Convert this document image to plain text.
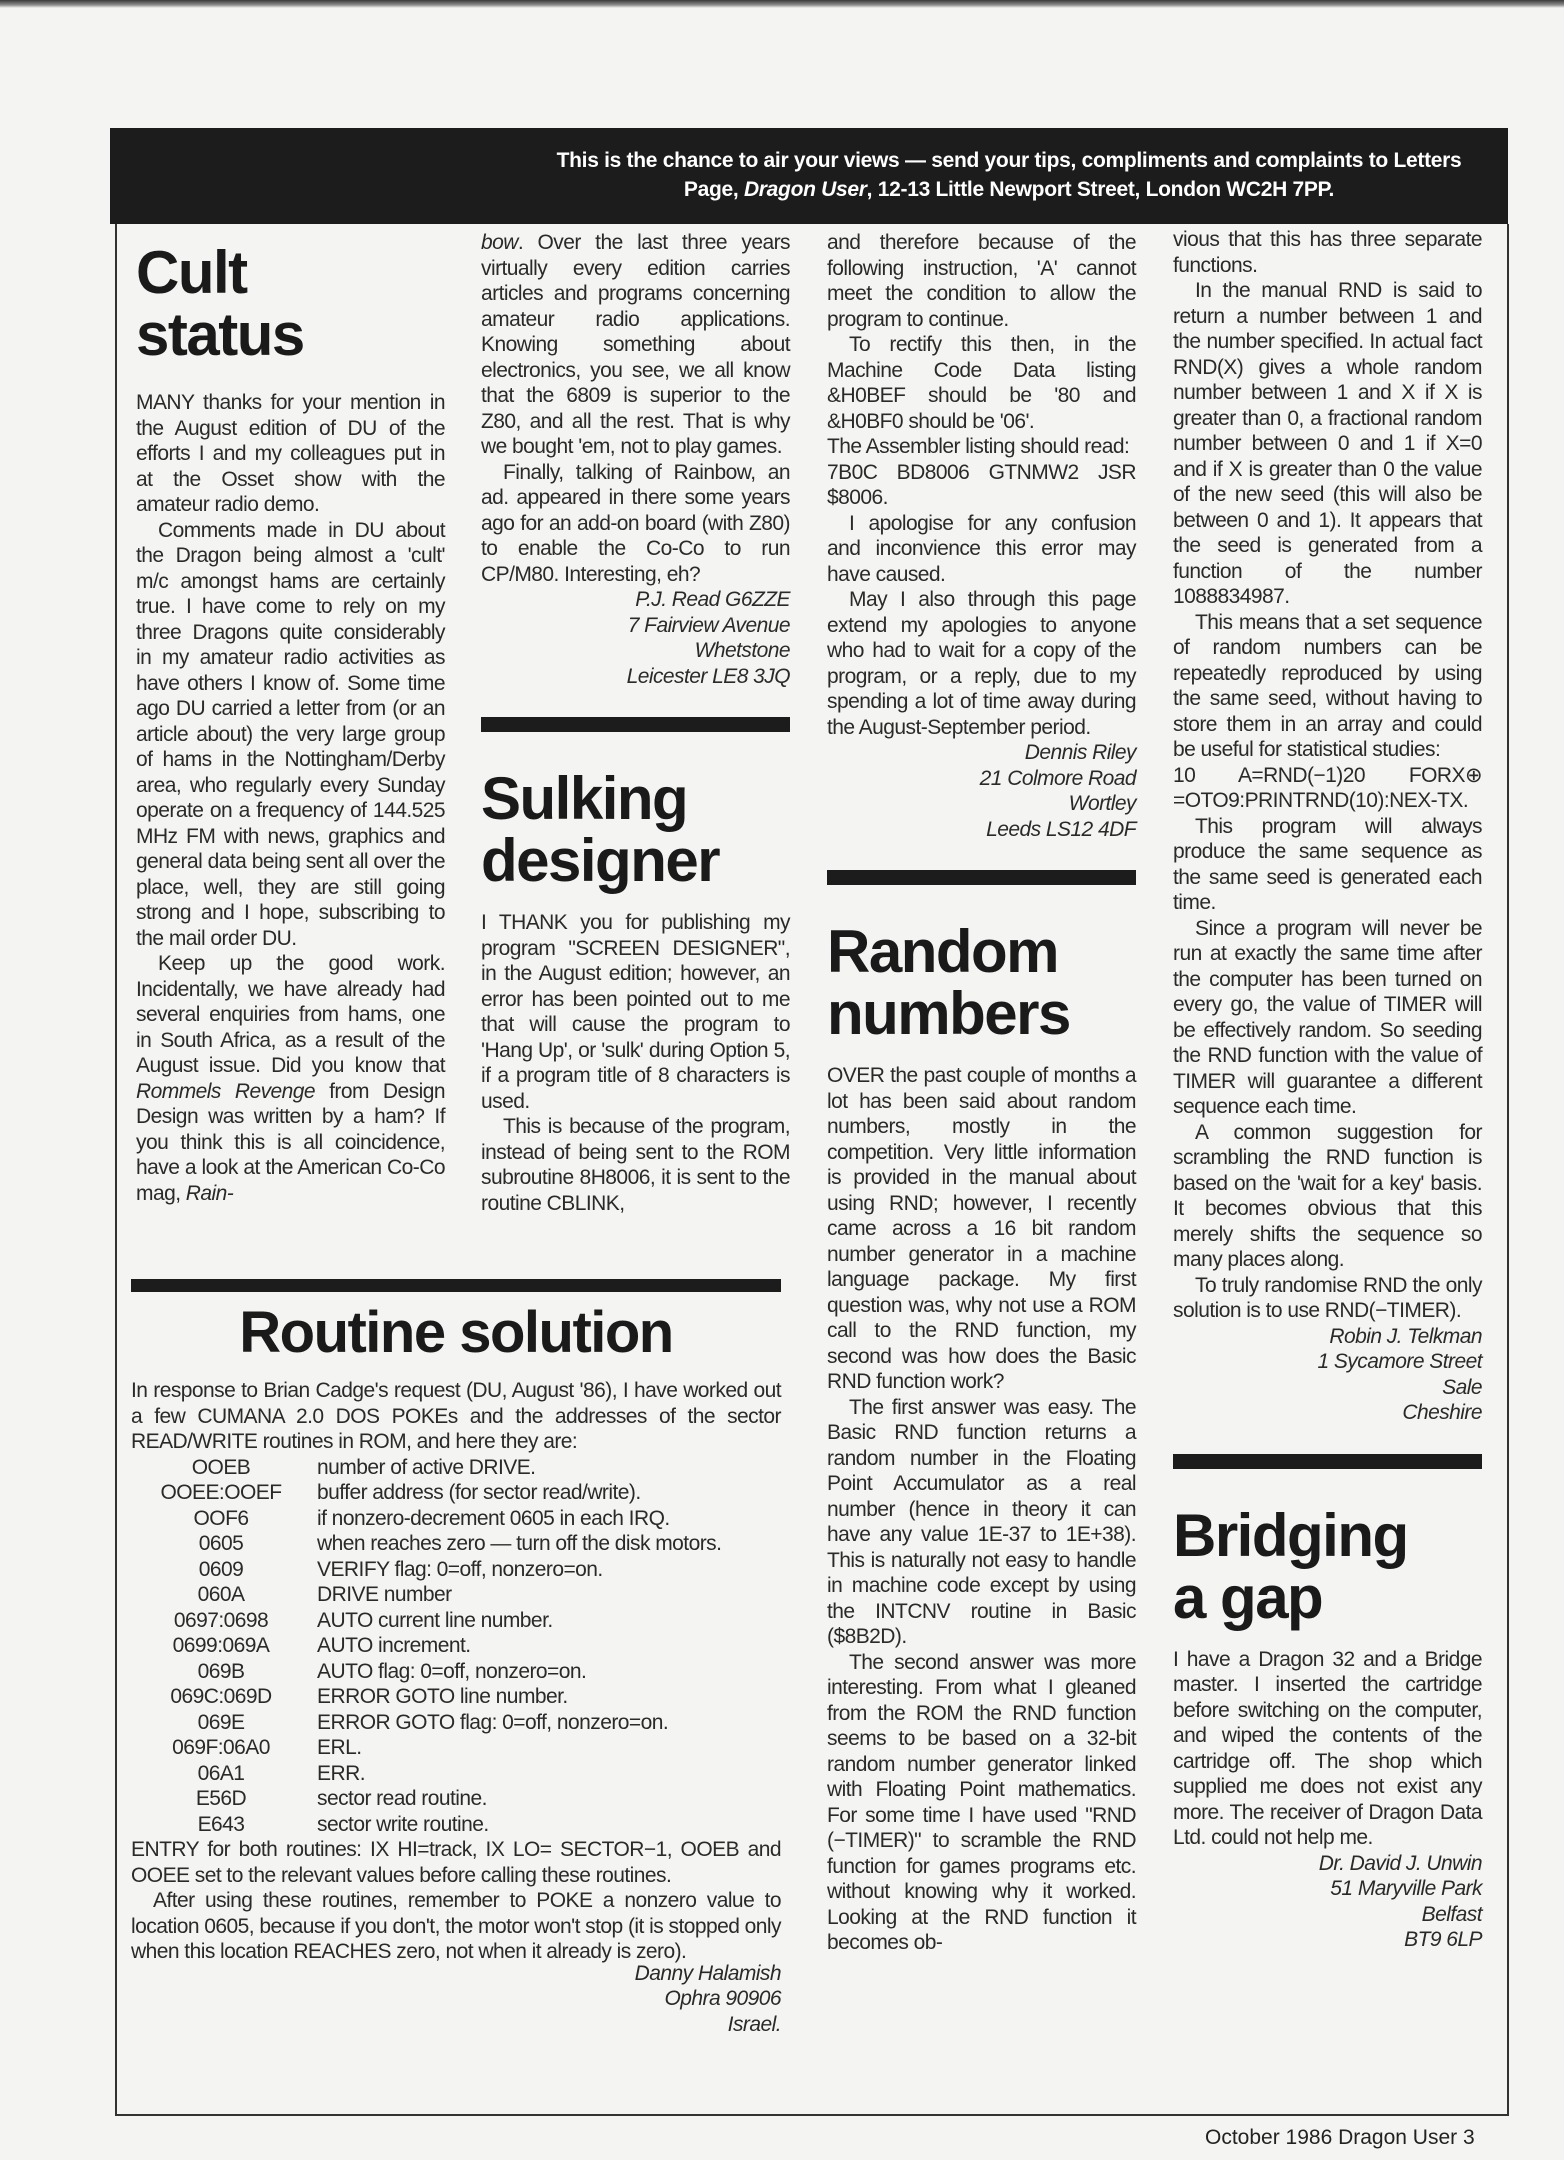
This is the chance to air your views — send your tips, compliments and complaints to Letters
Page, Dragon User, 12-13 Little Newport Street, London WC2H 7PP.
Cult status

MANY thanks for your mention in the August edition of DU of the efforts I and my colleagues put in at the Osset show with the amateur radio demo.

Comments made in DU about the Dragon being almost a 'cult' m/c amongst hams are certainly true. I have come to rely on my three Dragons quite considerably in my amateur radio activities as have others I know of. Some time ago DU carried a letter from (or an article about) the very large group of hams in the Nottingham/Derby area, who regularly every Sunday operate on a frequency of 144.525 MHz FM with news, graphics and general data being sent all over the place, well, they are still going strong and I hope, subscribing to the mail order DU.

Keep up the good work. Incidentally, we have already had several enquiries from hams, one in South Africa, as a result of the August issue. Did you know that Rommels Revenge from Design Design was written by a ham? If you think this is all coincidence, have a look at the American Co-Co mag, Rain-

bow. Over the last three years virtually every edition carries articles and programs concerning amateur radio applications. Knowing something about electronics, you see, we all know that the 6809 is superior to the Z80, and all the rest. That is why we bought 'em, not to play games.

Finally, talking of Rainbow, an ad. appeared in there some years ago for an add-on board (with Z80) to enable the Co-Co to run CP/M80. Interesting, eh?

P.J. Read G6ZZE
7 Fairview Avenue
Whetstone
Leicester LE8 3JQ
Sulking designer

I THANK you for publishing my program "SCREEN DESIGNER", in the August edition; however, an error has been pointed out to me that will cause the program to 'Hang Up', or 'sulk' during Option 5, if a program title of 8 characters is used.

This is because of the program, instead of being sent to the ROM subroutine 8H8006, it is sent to the routine CBLINK,

and therefore because of the following instruction, 'A' cannot meet the condition to allow the program to continue.

To rectify this then, in the Machine Code Data listing &H0BEF should be '80 and &H0BF0 should be '06'.

The Assembler listing should read:

7B0C BD8006 GTNMW2 JSR $8006.

I apologise for any confusion and inconvience this error may have caused.

May I also through this page extend my apologies to anyone who had to wait for a copy of the program, or a reply, due to my spending a lot of time away during the August-September period.

Dennis Riley
21 Colmore Road
Wortley
Leeds LS12 4DF
Random numbers

OVER the past couple of months a lot has been said about random numbers, mostly in the competition. Very little information is provided in the manual about using RND; however, I recently came across a 16 bit random number generator in a machine language package. My first question was, why not use a ROM call to the RND function, my second was how does the Basic RND function work?

The first answer was easy. The Basic RND function returns a random number in the Floating Point Accumulator as a real number (hence in theory it can have any value 1E-37 to 1E+38). This is naturally not easy to handle in machine code except by using the INTCNV routine in Basic ($8B2D).

The second answer was more interesting. From what I gleaned from the ROM the RND function seems to be based on a 32-bit random number generator linked with Floating Point mathematics. For some time I have used "RND (−TIMER)" to scramble the RND function for games programs etc. without knowing why it worked. Looking at the RND function it becomes ob-

vious that this has three separate functions.

In the manual RND is said to return a number between 1 and the number specified. In actual fact RND(X) gives a whole random number between 1 and X if X is greater than 0, a fractional random number between 0 and 1 if X=0 and if X is greater than 0 the value of the new seed (this will also be between 0 and 1). It appears that the seed is generated from a function of the number 1088834987.

This means that a set sequence of random numbers can be repeatedly reproduced by using the same seed, without having to store them in an array and could be useful for statistical studies:

10 A=RND(−1)20 FORX⊕ =OTO9:PRINTRND(10):NEX-TX.

This program will always produce the same sequence as the same seed is generated each time.

Since a program will never be run at exactly the same time after the computer has been turned on every go, the value of TIMER will be effectively random. So seeding the RND function with the value of TIMER will guarantee a different sequence each time.

A common suggestion for scrambling the RND function is based on the 'wait for a key' basis. It becomes obvious that this merely shifts the sequence so many places along.

To truly randomise RND the only solution is to use RND(−TIMER).

Robin J. Telkman
1 Sycamore Street
Sale
Cheshire
Bridging a gap

I have a Dragon 32 and a Bridge master. I inserted the cartridge before switching on the computer, and wiped the contents of the cartridge off. The shop which supplied me does not exist any more. The receiver of Dragon Data Ltd. could not help me.

Dr. David J. Unwin
51 Maryville Park
Belfast
BT9 6LP
Routine solution

In response to Brian Cadge's request (DU, August '86), I have worked out a few CUMANA 2.0 DOS POKEs and the addresses of the sector READ/WRITE routines in ROM, and here they are:

OOEB	number of active DRIVE.
OOEE:OOEF	buffer address (for sector read/write).
OOF6	if nonzero-decrement 0605 in each IRQ.
0605	when reaches zero — turn off the disk motors.
0609	VERIFY flag: 0=off, nonzero=on.
060A	DRIVE number
0697:0698	AUTO current line number.
0699:069A	AUTO increment.
069B	AUTO flag: 0=off, nonzero=on.
069C:069D	ERROR GOTO line number.
069E	ERROR GOTO flag: 0=off, nonzero=on.
069F:06A0	ERL.
06A1	ERR.
E56D	sector read routine.
E643	sector write routine.

ENTRY for both routines: IX HI=track, IX LO= SECTOR−1, OOEB and OOEE set to the relevant values before calling these routines.

After using these routines, remember to POKE a nonzero value to location 0605, because if you don't, the motor won't stop (it is stopped only when this location REACHES zero, not when it already is zero).

Danny Halamish
Ophra 90906
Israel.
October 1986 Dragon User 3
